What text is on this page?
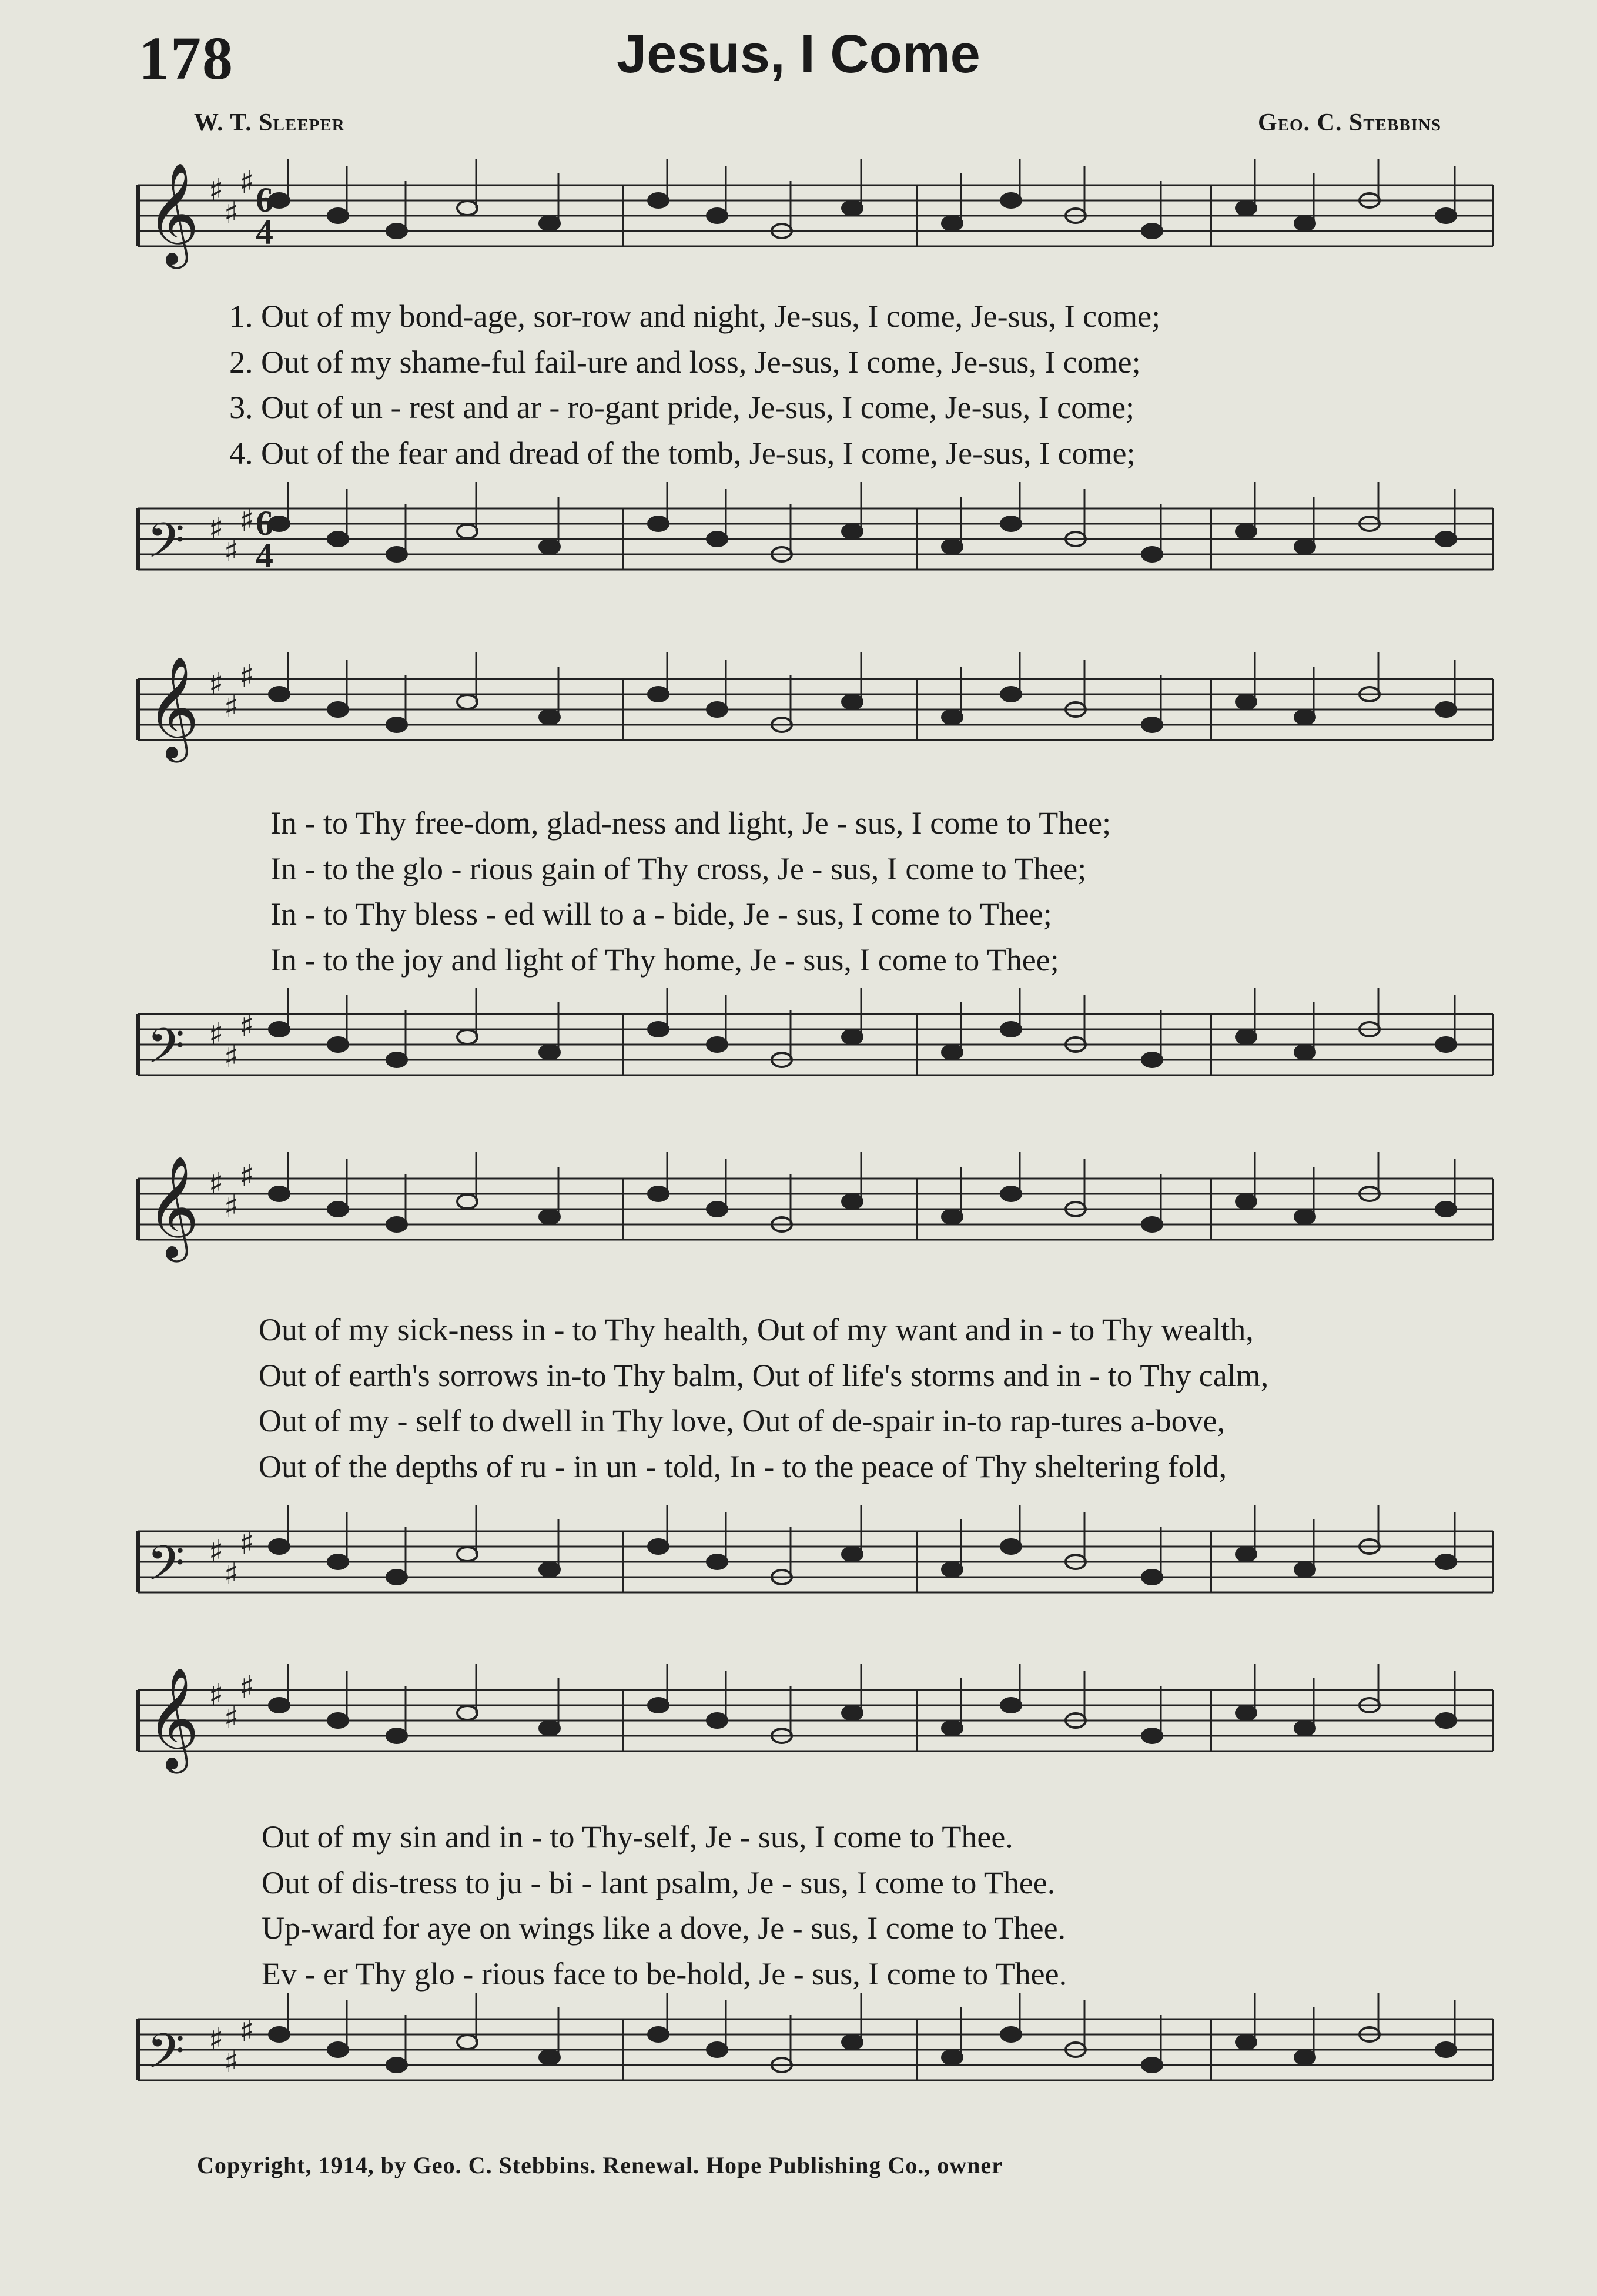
178	Jesus, I Come
W. T. Sleeper	Geo. C. Stebbins
𝄞 ♯
♯
♯ 6
4
1. Out of my bond-age, sor-row and night, Je-sus, I come, Je-sus, I come;
2. Out of my shame-ful fail-ure and loss, Je-sus, I come, Je-sus, I come;
3. Out of un - rest and ar - ro-gant pride, Je-sus, I come, Je-sus, I come;
4. Out of the fear and dread of the tomb, Je-sus, I come, Je-sus, I come;
𝄢 ♯
♯
♯ 6
4
𝄞 ♯
♯
♯
In - to Thy free-dom, glad-ness and light, Je - sus, I come to Thee;
In - to the glo - rious gain of Thy cross, Je - sus, I come to Thee;
In - to Thy bless - ed will to a - bide, Je - sus, I come to Thee;
In - to the joy and light of Thy home, Je - sus, I come to Thee;
𝄢 ♯
♯
♯
𝄞 ♯
♯
♯
Out of my sick-ness in - to Thy health, Out of my want and in - to Thy wealth,
Out of earth's sorrows in-to Thy balm, Out of life's storms and in - to Thy calm,
Out of my - self to dwell in Thy love, Out of de-spair in-to rap-tures a-bove,
Out of the depths of ru - in un - told, In - to the peace of Thy sheltering fold,
𝄢 ♯
♯
♯
𝄞 ♯
♯
♯
Out of my sin and in - to Thy-self, Je - sus, I come to Thee.
Out of dis-tress to ju - bi - lant psalm, Je - sus, I come to Thee.
Up-ward for aye on wings like a dove, Je - sus, I come to Thee.
Ev - er Thy glo - rious face to be-hold, Je - sus, I come to Thee.
𝄢 ♯
♯
♯
Copyright, 1914, by Geo. C. Stebbins. Renewal. Hope Publishing Co., owner
